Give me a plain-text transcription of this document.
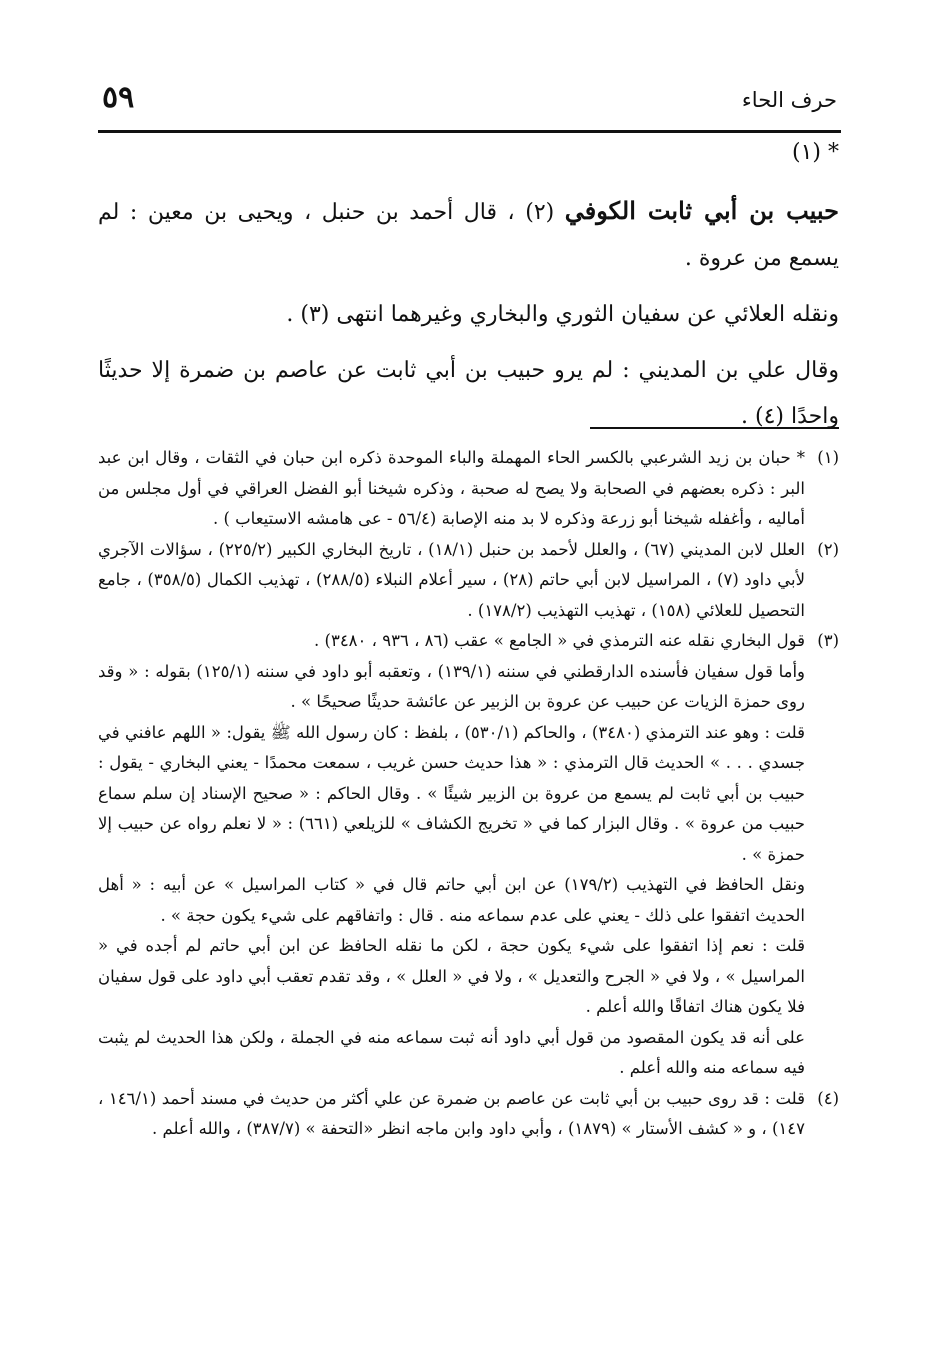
٥٩	حرف الحاء
* (١)

حبيب بن أبي ثابت الكوفي (٢) ، قال أحمد بن حنبل ، ويحيى بن معين : لم يسمع من عروة .

ونقله العلائي عن سفيان الثوري والبخاري وغيرهما انتهى (٣) .

وقال علي بن المديني : لم يرو حبيب بن أبي ثابت عن عاصم بن ضمرة إلا حديثًا واحدًا (٤) .

(١)
* حبان بن زيد الشرعبي بالكسر الحاء المهملة والباء الموحدة ذكره ابن حبان في الثقات ، وقال ابن عبد البر : ذكره بعضهم في الصحابة ولا يصح له صحبة ، وذكره شيخنا أبو الفضل العراقي في أول مجلس من أماليه ، وأغفله شيخنا أبو زرعة وذكره لا بد منه الإصابة (٥٦/٤ - عى هامشه الاستيعاب ) .

(٢)
العلل لابن المديني (٦٧) ، والعلل لأحمد بن حنبل (١٨/١) ، تاريخ البخاري الكبير (٢٢٥/٢) ، سؤالات الآجري لأبي داود (٧) ، المراسيل لابن أبي حاتم (٢٨) ، سير أعلام النبلاء (٢٨٨/٥) ، تهذيب الكمال (٣٥٨/٥) ، جامع التحصيل للعلائي (١٥٨) ، تهذيب التهذيب (١٧٨/٢) .

(٣)
قول البخاري نقله عنه الترمذي في « الجامع » عقب (٨٦ ، ٩٣٦ ، ٣٤٨٠) .

وأما قول سفيان فأسنده الدارقطني في سننه (١٣٩/١) ، وتعقبه أبو داود في سننه (١٢٥/١) بقوله : « وقد روى حمزة الزيات عن حبيب عن عروة بن الزبير عن عائشة حديثًا صحيحًا » .

قلت : وهو عند الترمذي (٣٤٨٠) ، والحاكم (٥٣٠/١) ، بلفظ : كان رسول الله ﷺ يقول: « اللهم عافني في جسدي . . . » الحديث قال الترمذي : « هذا حديث حسن غريب ، سمعت محمدًا - يعني البخاري - يقول : حبيب بن أبي ثابت لم يسمع من عروة بن الزبير شيئًا » . وقال الحاكم : « صحيح الإسناد إن سلم سماع حبيب من عروة » . وقال البزار كما في « تخريج الكشاف » للزيلعي (٦٦١) : « لا نعلم رواه عن حبيب إلا حمزة » .

ونقل الحافظ في التهذيب (١٧٩/٢) عن ابن أبي حاتم قال في « كتاب المراسيل » عن أبيه : « أهل الحديث اتفقوا على ذلك - يعني على عدم سماعه منه . قال : واتفاقهم على شيء يكون حجة » .

قلت : نعم إذا اتفقوا على شيء يكون حجة ، لكن ما نقله الحافظ عن ابن أبي حاتم لم أجده في « المراسيل » ، ولا في « الجرح والتعديل » ، ولا في « العلل » ، وقد تقدم تعقب أبي داود على قول سفيان فلا يكون هناك اتفاقًا والله أعلم .

على أنه قد يكون المقصود من قول أبي داود أنه ثبت سماعه منه في الجملة ، ولكن هذا الحديث لم يثبت فيه سماعه منه والله أعلم .

(٤)
قلت : قد روى حبيب بن أبي ثابت عن عاصم بن ضمرة عن علي أكثر من حديث في مسند أحمد (١٤٦/١ ، ١٤٧) ، و « كشف الأستار » (١٨٧٩) ، وأبي داود وابن ماجه انظر «التحفة » (٣٨٧/٧) ، والله أعلم .
